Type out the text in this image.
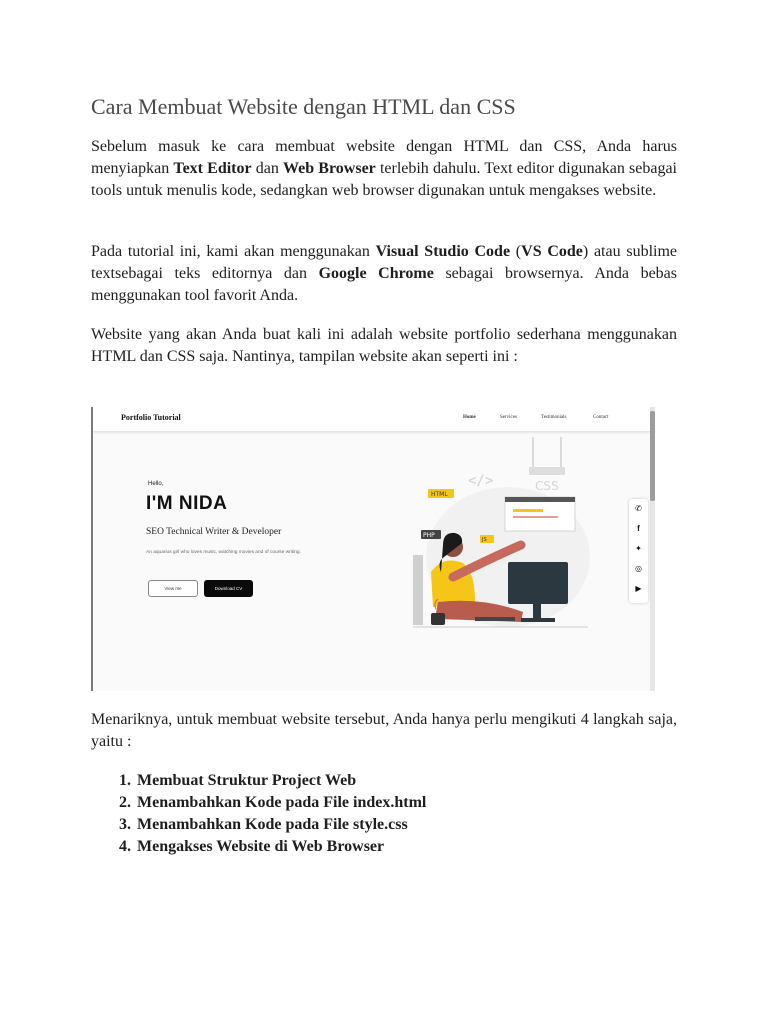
Cara Membuat Website dengan HTML dan CSS

Sebelum masuk ke cara membuat website dengan HTML dan CSS, Anda harus menyiapkan Text Editor dan Web Browser terlebih dahulu. Text editor digunakan sebagai tools untuk menulis kode, sedangkan web browser digunakan untuk mengakses website.

Pada tutorial ini, kami akan menggunakan Visual Studio Code (VS Code) atau sublime textsebagai teks editornya dan Google Chrome sebagai browsernya. Anda bebas menggunakan tool favorit Anda.

Website yang akan Anda buat kali ini adalah website portfolio sederhana menggunakan HTML dan CSS saja. Nantinya, tampilan website akan seperti ini :

Menariknya, untuk membuat website tersebut, Anda hanya perlu mengikuti 4 langkah saja, yaitu :

1. Membuat Struktur Project Web
2. Menambahkan Kode pada File index.html
3. Menambahkan Kode pada File style.css
4. Mengakses Website di Web Browser
Portfolio Tutorial	Home	Services	Testimonials	Contact
Hello,
I'M NIDA
SEO Technical Writer & Developer
An aquarius girl who loves music, watching movies and of course writing.
View me	Download CV
</>
HTML
CSS
PHP
JS
✆
f
✦
◎
▶
